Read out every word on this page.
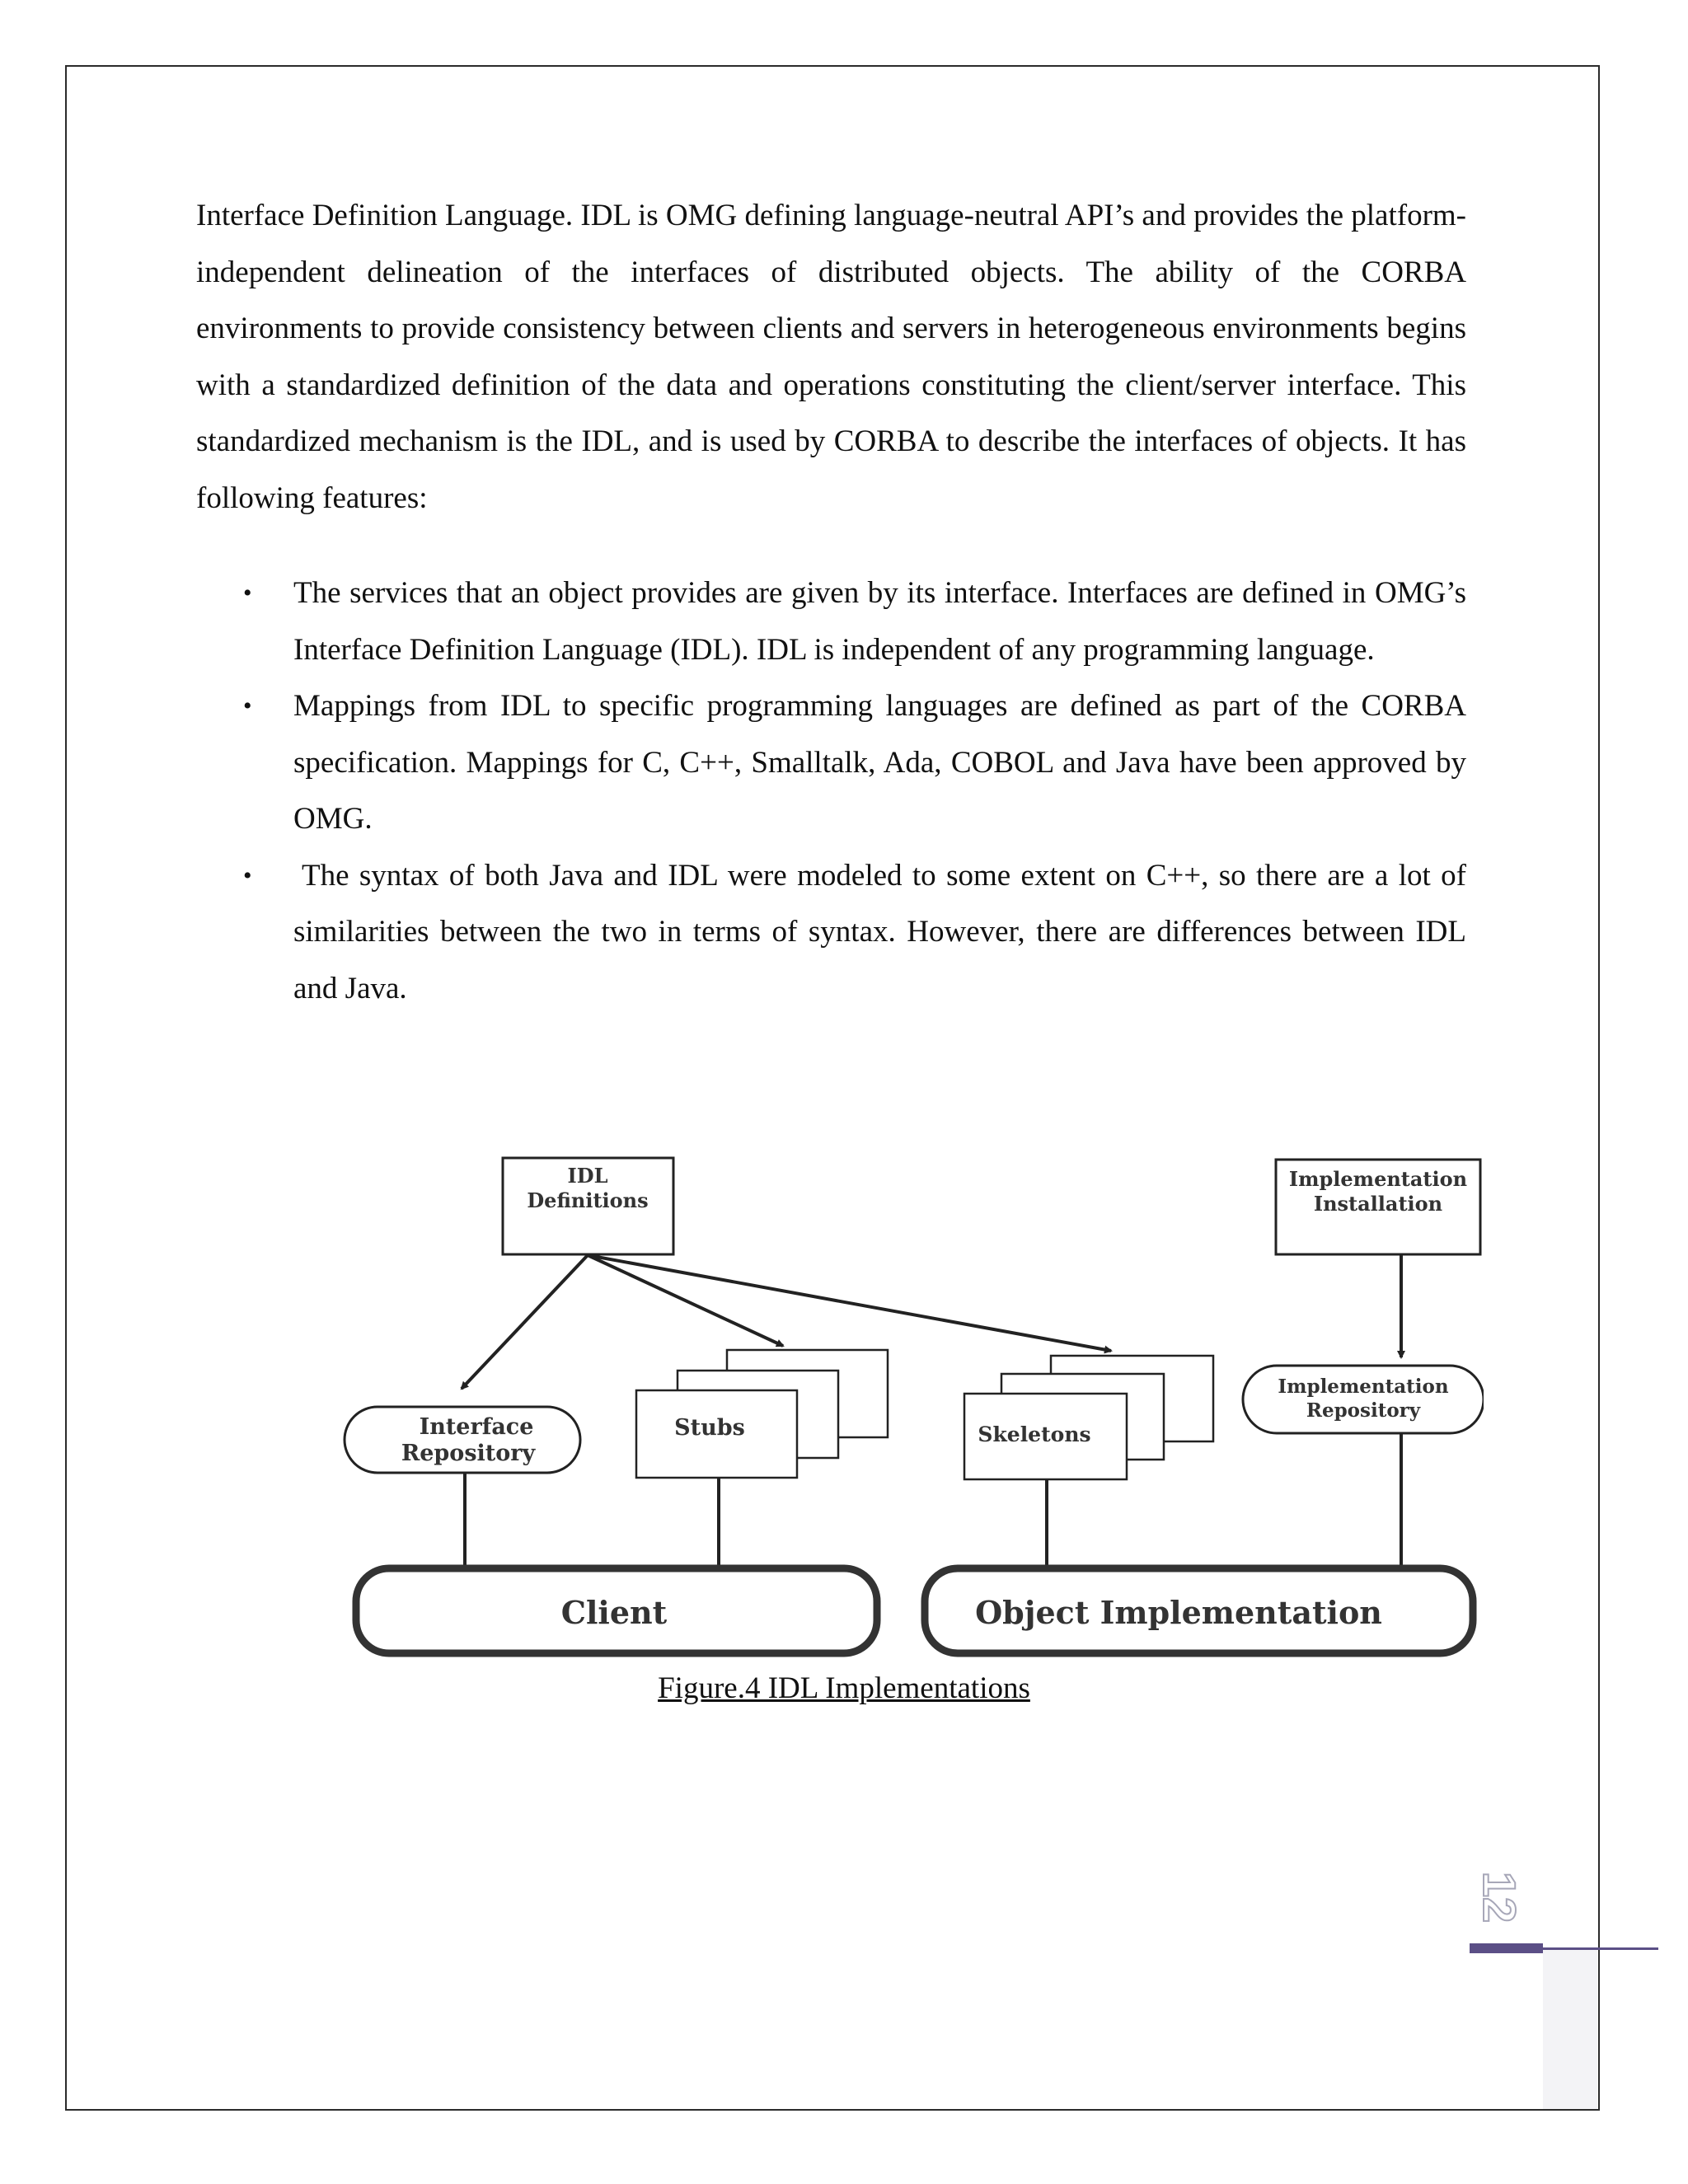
Interface Definition Language. IDL is OMG defining language-neutral API’s and provides the platform-independent delineation of the interfaces of distributed objects. The ability of the CORBA environments to provide consistency between clients and servers in heterogeneous environments begins with a standardized definition of the data and operations constituting the client/server interface. This standardized mechanism is the IDL, and is used by CORBA to describe the interfaces of objects. It has following features:

• The services that an object provides are given by its interface. Interfaces are defined in OMG’s Interface Definition Language (IDL). IDL is independent of any programming language.
• Mappings from IDL to specific programming languages are defined as part of the CORBA specification. Mappings for C, C++, Smalltalk, Ada, COBOL and Java have been approved by OMG.
• The syntax of both Java and IDL were modeled to some extent on C++, so there are a lot of similarities between the two in terms of syntax. However, there are differences between IDL and Java.
IDL
Definitions
Implementation
Installation
Interface
Repository
Stubs	Skeletons
Implementation
Repository
Client	Object Implementation
Figure.4 IDL Implementations
12
